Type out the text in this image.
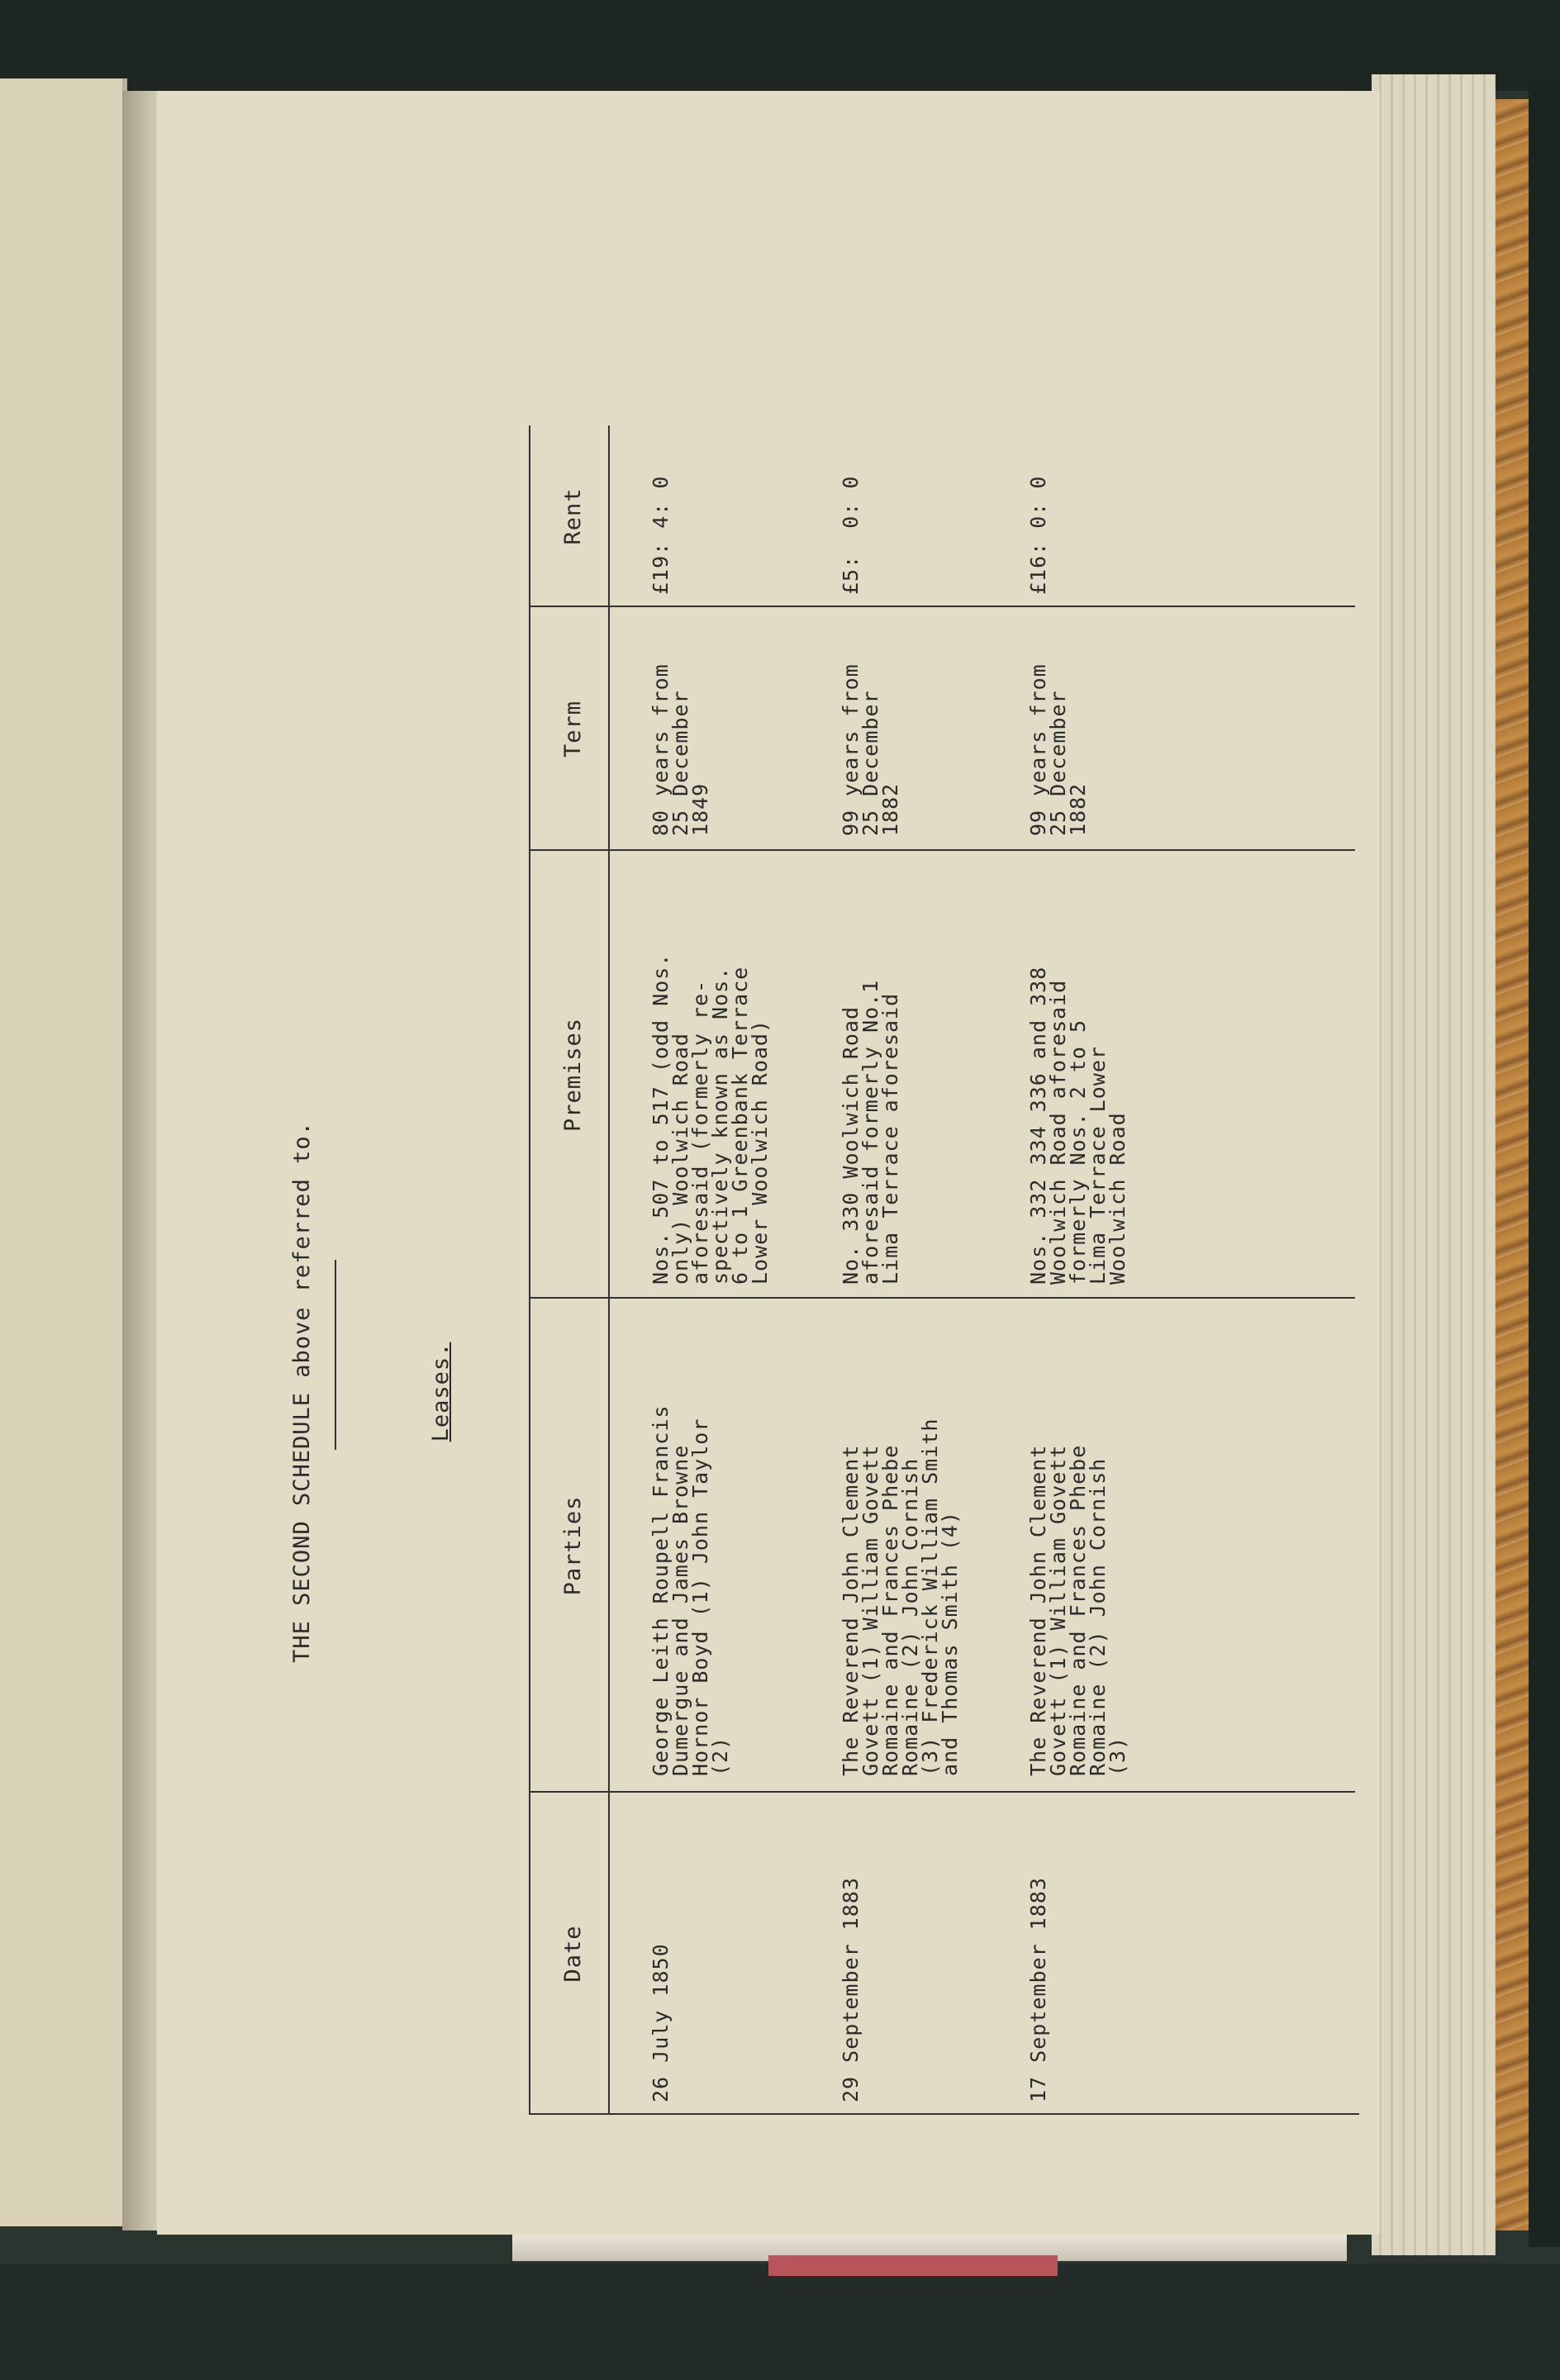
THE SECOND SCHEDULE above referred to.	Leases.
Date
Parties
Premises
Term
Rent
26 July 1850
George Leith Roupell Francis
Dumergue and James Browne
Hornor Boyd (1) John Taylor
(2)
Nos. 507 to 517 (odd Nos.
only) Woolwich Road
aforesaid (formerly re-
spectively known as Nos.
6 to 1 Greenbank Terrace
Lower Woolwich Road)
80 years from
25 December
1849
£19: 4: 0
29 September 1883
The Reverend John Clement
Govett (1) William Govett
Romaine and Frances Phebe
Romaine (2) John Cornish
(3) Frederick William Smith
and Thomas Smith (4)
No. 330 Woolwich Road
aforesaid formerly No.1
Lima Terrace aforesaid
99 years from
25 December
1882
£5:  0: 0
17 September 1883
The Reverend John Clement
Govett (1) William Govett
Romaine and Frances Phebe
Romaine (2) John Cornish
(3)
Nos. 332 334 336 and 338
Woolwich Road aforesaid
formerly Nos. 2 to 5
Lima Terrace Lower
Woolwich Road
99 years from
25 December
1882
£16: 0: 0
